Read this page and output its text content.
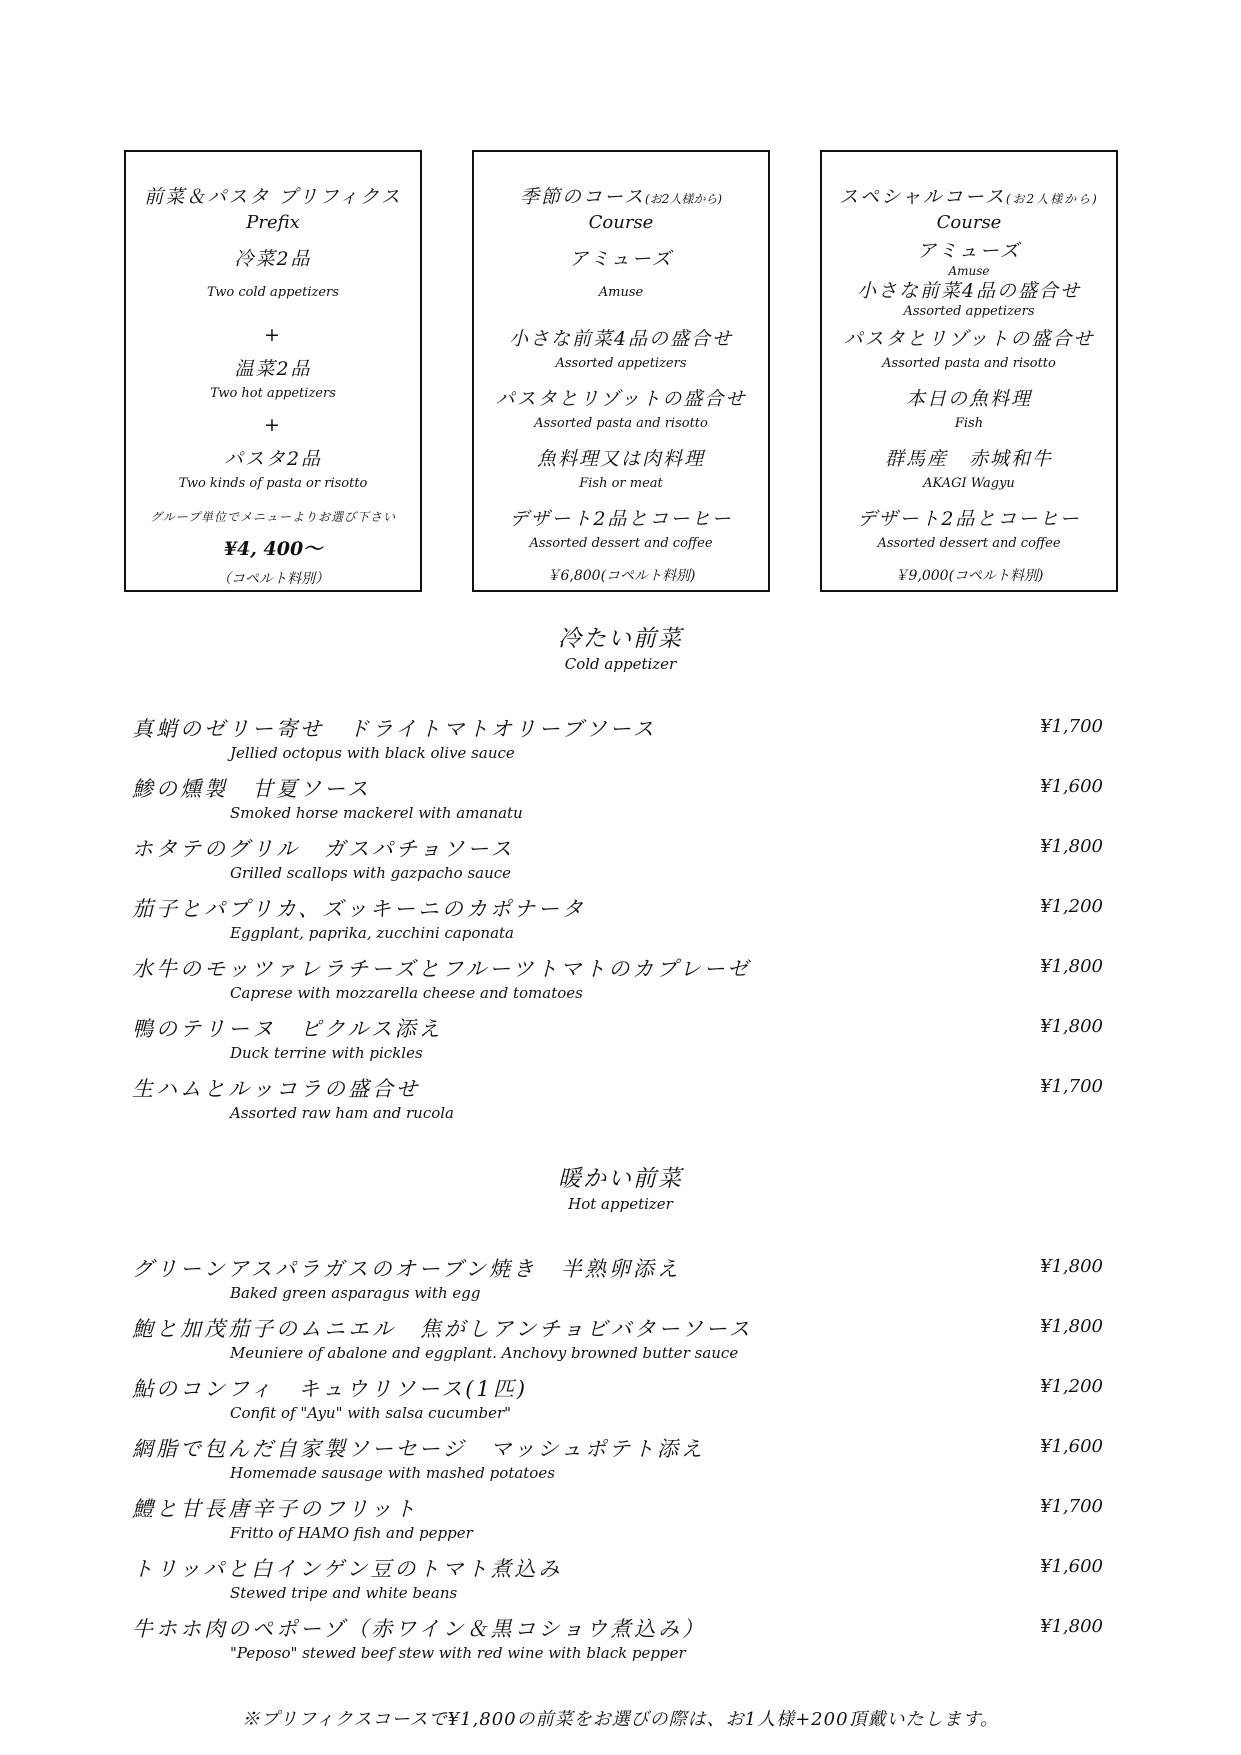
前菜＆パスタ プリフィクス
Prefix
冷菜2品
Two cold appetizers
+
温菜2品
Two hot appetizers
+
パスタ2品
Two kinds of pasta or risotto
グループ単位でメニューよりお選び下さい
¥4, 400〜
（コペルト料別）
季節のコース(お2人様から)
Course
アミューズ
Amuse
小さな前菜4品の盛合せ
Assorted appetizers
パスタとリゾットの盛合せ
Assorted pasta and risotto
魚料理又は肉料理
Fish or meat
デザート2品とコーヒー
Assorted dessert and coffee
￥6,800(コペルト料別)
スペシャルコース(お2人様から)
Course
アミューズ
Amuse
小さな前菜4品の盛合せ
Assorted appetizers
パスタとリゾットの盛合せ
Assorted pasta and risotto
本日の魚料理
Fish
群馬産　赤城和牛
AKAGI Wagyu
デザート2品とコーヒー
Assorted dessert and coffee
￥9,000(コペルト料別)
冷たい前菜
Cold appetizer
真蛸のゼリー寄せ　ドライトマトオリーブソース
Jellied octopus with black olive sauce
¥1,700
鯵の燻製　甘夏ソース
Smoked horse mackerel with amanatu
¥1,600
ホタテのグリル　ガスパチョソース
Grilled scallops with gazpacho sauce
¥1,800
茄子とパプリカ、ズッキーニのカポナータ
Eggplant, paprika, zucchini caponata
¥1,200
水牛のモッツァレラチーズとフルーツトマトのカプレーゼ
Caprese with mozzarella cheese and tomatoes
¥1,800
鴨のテリーヌ　ピクルス添え
Duck terrine with pickles
¥1,800
生ハムとルッコラの盛合せ
Assorted raw ham and rucola
¥1,700
暖かい前菜
Hot appetizer
グリーンアスパラガスのオーブン焼き　半熟卵添え
Baked green asparagus with egg
¥1,800
鮑と加茂茄子のムニエル　焦がしアンチョビバターソース
Meuniere of abalone and eggplant. Anchovy browned butter sauce
¥1,800
鮎のコンフィ　キュウリソース(1匹)
Confit of "Ayu" with salsa cucumber"
¥1,200
網脂で包んだ自家製ソーセージ　マッシュポテト添え
Homemade sausage with mashed potatoes
¥1,600
鱧と甘長唐辛子のフリット
Fritto of HAMO fish and pepper
¥1,700
トリッパと白インゲン豆のトマト煮込み
Stewed tripe and white beans
¥1,600
牛ホホ肉のペポーゾ（赤ワイン＆黒コショウ煮込み）
"Peposo" stewed beef stew with red wine with black pepper
¥1,800
※プリフィクスコースで¥1,800の前菜をお選びの際は、お1人様+200頂戴いたします。
